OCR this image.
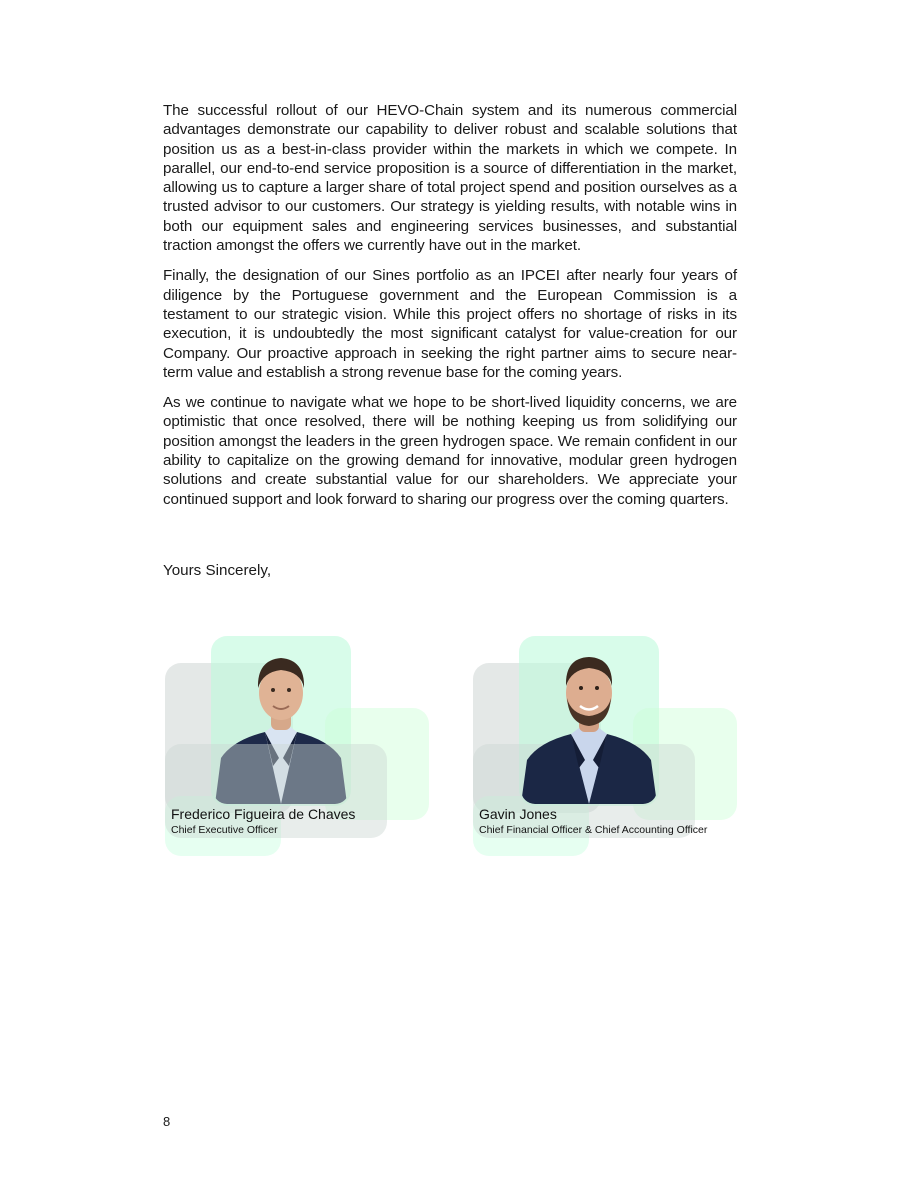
The successful rollout of our HEVO-Chain system and its numerous commercial advantages demonstrate our capability to deliver robust and scalable solutions that position us as a best-in-class provider within the markets in which we compete. In parallel, our end-to-end service proposition is a source of differentiation in the market, allowing us to capture a larger share of total project spend and position ourselves as a trusted advisor to our customers. Our strategy is yielding results, with notable wins in both our equipment sales and engineering services businesses, and substantial traction amongst the offers we currently have out in the market.

Finally, the designation of our Sines portfolio as an IPCEI after nearly four years of diligence by the Portuguese government and the European Commission is a testament to our strategic vision. While this project offers no shortage of risks in its execution, it is undoubtedly the most significant catalyst for value-creation for our Company. Our proactive approach in seeking the right partner aims to secure near-term value and establish a strong revenue base for the coming years.

As we continue to navigate what we hope to be short-lived liquidity concerns, we are optimistic that once resolved, there will be nothing keeping us from solidifying our position amongst the leaders in the green hydrogen space. We remain confident in our ability to capitalize on the growing demand for innovative, modular green hydrogen solutions and create substantial value for our shareholders. We appreciate your continued support and look forward to sharing our progress over the coming quarters.

Yours Sincerely,
Frederico Figueira de Chaves
Chief Executive Officer
Gavin Jones
Chief Financial Officer & Chief Accounting Officer
8
